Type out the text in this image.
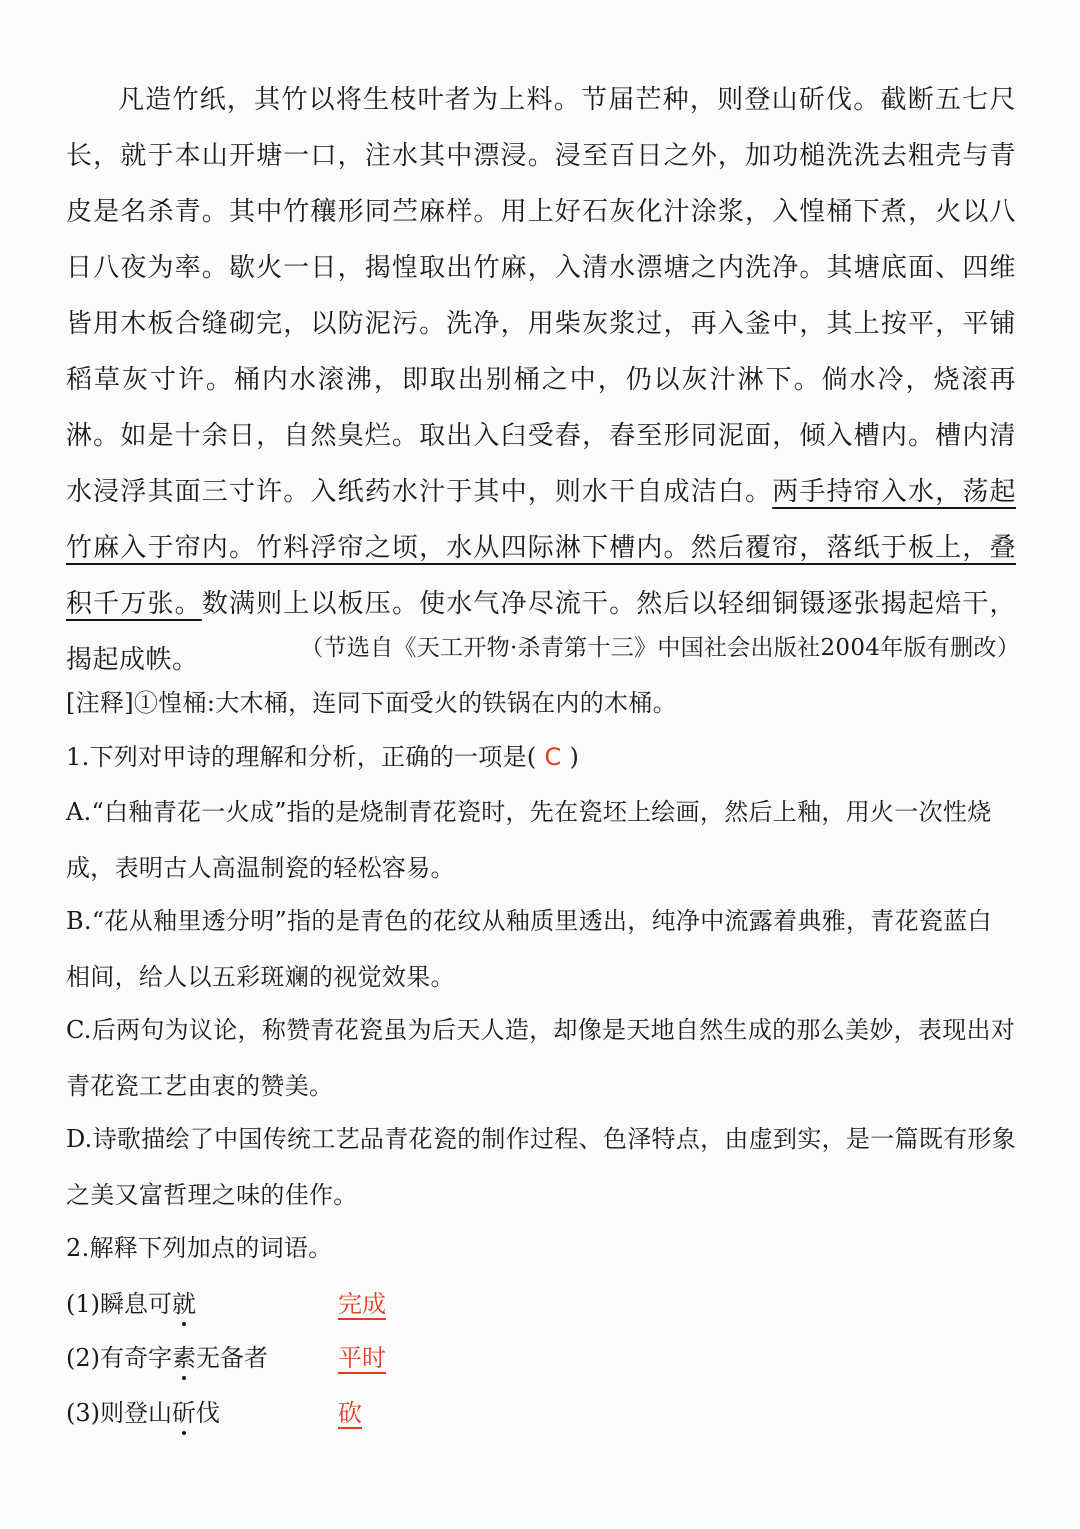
凡造竹纸，其竹以将生枝叶者为上料。节届芒种，则登山斫伐。截断五七尺长，就于本山开塘一口，注水其中漂浸。浸至百日之外，加功槌洗洗去粗壳与青皮是名杀青。其中竹穰形同苎麻样。用上好石灰化汁涂浆，入惶桶下煮，火以八日八夜为率。歇火一日，揭惶取出竹麻，入清水漂塘之内洗净。其塘底面、四维皆用木板合缝砌完，以防泥污。洗净，用柴灰浆过，再入釜中，其上按平，平铺稻草灰寸许。桶内水滚沸，即取出别桶之中，仍以灰汁淋下。倘水冷，烧滚再淋。如是十余日，自然臭烂。取出入臼受舂，舂至形同泥面，倾入槽内。槽内清水浸浮其面三寸许。入纸药水汁于其中，则水干自成洁白。两手持帘入水，荡起竹麻入于帘内。竹料浮帘之顷，水从四际淋下槽内。然后覆帘，落纸于板上，叠积千万张。数满则上以板压。使水气净尽流干。然后以轻细铜镊逐张揭起焙干，揭起成帙。	（节选自《天工开物·杀青第十三》中国社会出版社2004年版有删改）
[注释]①惶桶:大木桶，连同下面受火的铁锅在内的木桶。
1.下列对甲诗的理解和分析，正确的一项是( C )
A.“白釉青花一火成”指的是烧制青花瓷时，先在瓷坯上绘画，然后上釉，用火一次性烧成，表明古人高温制瓷的轻松容易。
B.“花从釉里透分明”指的是青色的花纹从釉质里透出，纯净中流露着典雅，青花瓷蓝白相间，给人以五彩斑斓的视觉效果。
C.后两句为议论，称赞青花瓷虽为后天人造，却像是天地自然生成的那么美妙，表现出对青花瓷工艺由衷的赞美。
D.诗歌描绘了中国传统工艺品青花瓷的制作过程、色泽特点，由虚到实，是一篇既有形象之美又富哲理之味的佳作。
2.解释下列加点的词语。
(1)瞬息可就	完成
(2)有奇字素无备者	平时
(3)则登山斫伐	砍
